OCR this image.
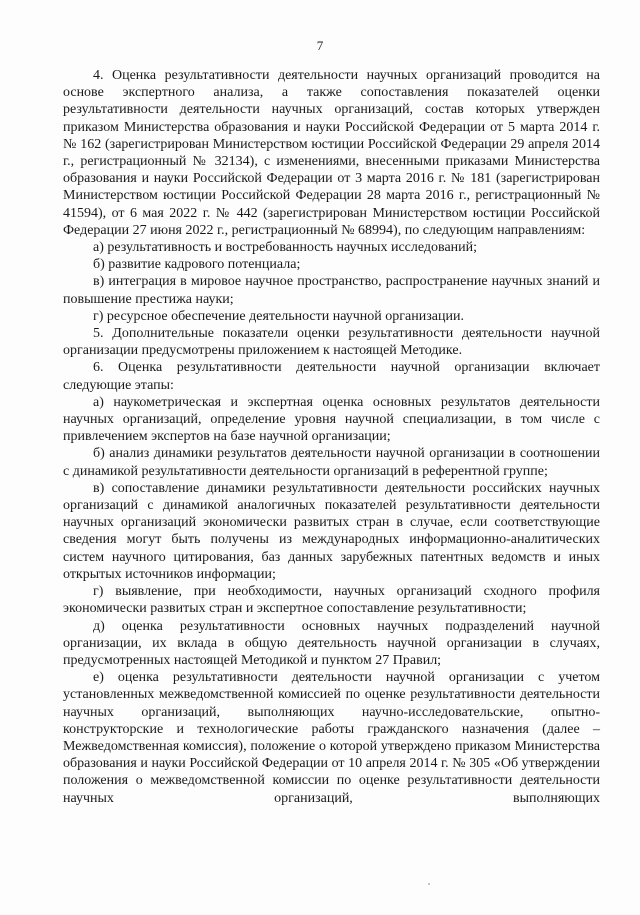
7

4. Оценка результативности деятельности научных организаций проводится на основе экспертного анализа, а также сопоставления показателей оценки результативности деятельности научных организаций, состав которых утвержден приказом Министерства образования и науки Российской Федерации от 5 марта 2014 г. № 162 (зарегистрирован Министерством юстиции Российской Федерации 29 апреля 2014 г., регистрационный № 32134), с изменениями, внесенными приказами Министерства образования и науки Российской Федерации от 3 марта 2016 г. № 181 (зарегистрирован Министерством юстиции Российской Федерации 28 марта 2016 г., регистрационный № 41594), от 6 мая 2022 г. № 442 (зарегистрирован Министерством юстиции Российской Федерации 27 июня 2022 г., регистрационный № 68994), по следующим направлениям:

а) результативность и востребованность научных исследований;

б) развитие кадрового потенциала;

в) интеграция в мировое научное пространство, распространение научных знаний и повышение престижа науки;

г) ресурсное обеспечение деятельности научной организации.

5. Дополнительные показатели оценки результативности деятельности научной организации предусмотрены приложением к настоящей Методике.

6. Оценка результативности деятельности научной организации включает следующие этапы:

а) наукометрическая и экспертная оценка основных результатов деятельности научных организаций, определение уровня научной специализации, в том числе с привлечением экспертов на базе научной организации;

б) анализ динамики результатов деятельности научной организации в соотношении с динамикой результативности деятельности организаций в референтной группе;

в) сопоставление динамики результативности деятельности российских научных организаций с динамикой аналогичных показателей результативности деятельности научных организаций экономически развитых стран в случае, если соответствующие сведения могут быть получены из международных информационно-аналитических систем научного цитирования, баз данных зарубежных патентных ведомств и иных открытых источников информации;

г) выявление, при необходимости, научных организаций сходного профиля экономически развитых стран и экспертное сопоставление результативности;

д) оценка результативности основных научных подразделений научной организации, их вклада в общую деятельность научной организации в случаях, предусмотренных настоящей Методикой и пунктом 27 Правил;

е) оценка результативности деятельности научной организации с учетом установленных межведомственной комиссией по оценке результативности деятельности научных организаций, выполняющих научно-исследовательские, опытно-конструкторские и технологические работы гражданского назначения (далее – Межведомственная комиссия), положение о которой утверждено приказом Министерства образования и науки Российской Федерации от 10 апреля 2014 г. № 305 «Об утверждении положения о межведомственной комиссии по оценке результативности деятельности научных организаций, выполняющих
